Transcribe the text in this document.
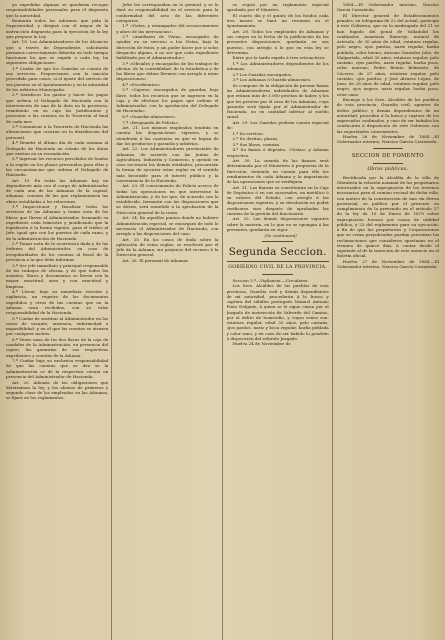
ya expedidas algunas se quedarán recoger responsabilidades personales para el dispuesto que la autoridad.

Reunirán todos los informes que pida la Superioridad, y dirigirá con el mayor de la instrucción dispuesta para la ejecución de la ley que propone la Ley.

Art. 18. Los Administradores de los Alcances que a través de Dependiente, solicitarán permisos correctamente deberán en todo tiempo funcionen los que se expide a cada ley, ha siguientes obligaciones:

1.ª Cuidar de que los Guardas se cuenta de sus servicios. Proporcionen con la sanción procedida para casos, si el ajuste del servicio de sus puestos en el Ayuntamiento y en la autoridad de los Arbitrios Municipales.

2.ª Satisfacer los gastos y hacer los pagos que ordena el Delegado de Hacienda con la intervención de una de la data en la provincia, remitiendo en su caja los justificantes y presentar a las cuentas en la Tesorería al final de cada mes.

3.ª Comunicar a la Tesorería de Hacienda las alteraciones que ocurran en la distribución del personal.

4.ª Remitir el último día de cada semana al Delegado de Hacienda un estado de los datos que existan en su recaudación.

5.ª Ingresar los recursos percibidos de fondos a la región en los plazos prevenidos para ellos y las circunstancias que ordena el Delegado de Hacienda.

Art. 19. En todas las Aduanas hay un dependiente más con el cargo de Administrador de cada una de las Aduanas de la capital, aduanas, cuentas de las que reglamentaria las obras entabladas a los relaciones.

1.ª Inspeccionar y fiscalizar todos los servicios de las Aduanas y tomar nota de los libros que lleven el Administrador, formando su expediente cada trimestre y justificando que la legislación ó la forma vigente, para el tráfico al Jefe, igual que con los puestos de cada ramo, y de la Administración de Hacienda.

2.ª Tomar nota de la ocurrencia dada y de las órdenes del Administrador, en caso de irregularidades de los cuentas al fiscal de la provincia a la que debe informar.

3.ª Ser jefe inmediato y principal responsable de los trabajos de oficina, y de que todos los asientos, libros y documentos se lleven con la mayor exactitud, aseo y con exactitud y limpieza.

4.ª Llevar, bajo su inmediata revisión y vigilancia, un registro de los documentos expedidos y otros de las cuentas que en la Aduana sean recibidas, con su valor responsabilidad de la Hacienda.

5.ª Cuidar de sustituir al Administrador en los casos de vacante, ausencia, enfermedad ó imposibilidad, y en el que las cuentas se atrasen por cualquier motivo.

6.ª Tener unas de las dos llaves de la caja de caudales de la Administración, en presencia del cajero, las garantías de sus respectivos expedientes y cuentas de la Aduana.

7.ª Cuidar bajo su exclusiva responsabilidad de que las cuentas que se den se la Administración se dé la respectiva cuenta en presencia del Administrador de Hacienda.

Art. 20. Además de las obligaciones que determinan la ley, y los abonos de primeros y segundo clase de los empleados en las Aduanas, se fijará en los reglamentos.

Jefes les corresponden en lo general, y se le dará su responsabilidad en el servicio para la conformidad del acto de las diferentes categorías.

1.ª «Vistas, y estampados del reconocimiento y aforo de las mercancías».

2.ª «Auxiliares de Vistas, encargados de ayudar en su servicio a los Vistas, bajo la dirección de éstos, y sin poder hacer por sí solos despacho alguno, á no ser que cada expediente habilitado por el Administrador».

3.ª «Oficiales y encargados de los trabajos de oficina, de la contabilidad, de la estadística y de los libros que deben llevarse con arreglo á estas disposiciones».

4.ª «Escribientes».

5.ª «Cajeros, encargados de guardar, bajo llave, todos los recursos que se ingresen en la caja y de efectuar los pagos que ordene el Administrador, con la aprobación del Delegado de Hacienda».

6.ª «Guardas-almacenes».

7.ª «Resguardo de Policía».

Art. 21. Los mismos empleados tendrán en cuenta las disposiciones vigentes, y se atenderán á los contratos en que se hayan de dar los productos y garantía y arbitrios.

Art. 22. Los Administradores provinciales de Aduanas, de acuerdo con las Juntas de Agricultura, Industria y Comercio, y oyendo en caso necesario las demás entidades, procurarán la forma de ejecutar estas reglas en el sentido más favorable para el interés público y la conveniencia de la Hacienda.

Art. 23. El conocimiento de Policía acerca de todas las operaciones en que interviene la Administración, y de los que, de acuerdo con lo establecido, formarán con las disposiciones que se dicten, será sometido á la aprobación de la Dirección general de la renta.

Art. 24. En aquellos puntos donde no hubiere Administración especial, se encargará de todo lo necesario el Administrador de Hacienda, con arreglo a las disposiciones del caso.

Art. 25. En los casos de duda sobre la aplicación de estas reglas, se resolverá por el Jefe de la Aduana, sin perjuicio del recurso á la Dirección general.

Art. 26. El personal de Aduanas

se regirá por un reglamento especial aprobado por el Ministro.

El cuarto día y el quinto de los fondos cada tres meses se hará un resumen en el Ayuntamiento.

Art. 28. Todos los empleados de Aduanas y sus cargos en la fecha de la publicación de las presentes disposiciones, quedarán en sus puestos, con arreglo á lo que en esta ley se determina.

Entre por la tarde expide á tres retroactivos.

1.ª Los Administradores dependientes de los Aduanas.

2.ª Los Guardas encargados.

3.ª Los Aduanas ó Guarda-almacenes.

Se compone de la obligación de prestar fianza los Administradores individuales de Aduanas que reúnan más de 3.000 pesetas de haber, y los que les presten por el caso de los Aduanas, cuya garantía será fijada por el Administrador de Hacienda, no en cantidad inferior al sueldo anual.

Art. 29. Los Guardas pedirán cuenta especial de:

1.º Su servicio.

2.º Su destino, plazas.

3.º Sus libros, cuentas.

4.º Su fianza ó depósito, «Vistas» y Aduana respectiva.

Art. 30. La cuantía de las fianzas será determinada por el Ministerio á propuesta de la Dirección, teniendo en cuenta para ello los rendimientos de cada Aduana y la importancia de las operaciones que se verifiquen.

Art. 31. Las fianzas se constituirán en la Caja de Depósitos ó en sus sucursales, en metálico ó en valores del Estado, con arreglo á las disposiciones vigentes, y su devolución no podrá verificarse sino después de aprobadas las cuentas de la gestión del funcionario.

Art. 32. Las demás disposiciones vigentes sobre la materia, en lo que no se opongan á las presentes, quedarán en vigor.

(Se continuará)

Segunda Seccion.
GOBIERNO CIVIL DE LA PROVINCIA.

Seccion 3.ª—Vigilancia.—Circulares.

Los Sres. Alcaldes de los pueblos de esta provincia, Guardia civil y demás dependientes de mi autoridad, procederán á la busca y captura del súbdito portugués Manuel Antonio Pinto Delgado, á quien se le sigue causa por el Juzgado de instrucción de Valverde del Camino, por el delito de homicidio, y cuyas señas son: estatura regular, edad 35 años, pelo castaño, ojos pardos, nariz y boca regular, barba poblada y color sano, y en caso de ser habido lo pondrán á disposición del referido Juzgado.

Huelva 24 de Noviembre de

1884.—El Gobernador interino, Narciso García Castañeda.

El Director general de Establecimientos penales, en telegrama de 22 del actual, participa á este Gobierno, que en la madrugada del 21 se han fugado del penal de Valladolid los confinados Anastasio Riancejo, natural de Artesola, de 30 años de edad, estatura regular, pelo negro, ojos pardos, nariz regular, barba poblada, color bueno; Antonio Gonzalez Julio, de Malpartida, edad 30 años, estatura regular, pelo castaño, ojos pardos, nariz regular, barba poca, color moreno; Pedro Benito Belmonte, de Cáceres, de 27 años, estatura regular, pelo castaño, ojos pardos; y José Alvarez López, de Jaen, de 28 años de edad, estatura regular, pelo negro, ojos negros, nariz regular, barba poca, color sano.

Encargo á los Sres. Alcaldes de los pueblos de esta provincia, Guardia civil, agentes de órden público y demás dependientes de mi autoridad, procedan á la busca y captura de los expresados confinados, y caso de ser habidos los conducirán á disposición de este Gobierno con las seguridades convenientes.

Huelva 26 de Noviembre de 1884.—El Gobernador interino, Narciso García Castañeda.

SECCION DE FOMENTO
Obras públicas.

Rectificada por la Alcaldía de la villa de Gibraleón la relación nominal de los propietarios interesados en la expropiación de los terrenos necesarios para el camino vecinal de dicha villa, con motivo de la construcción de una vía férrea provincial, se publica por el presente en cumplimiento de lo prevenido en el artículo 17 de la ley de 10 de Enero de 1879 sobre expropiación forzosa por causa de utilidad pública, y 23 del reglamento para su ejecución, á fin de que los propietarios y Corporaciones que se crean perjudicados puedan presentar las reclamaciones que consideren oportunas en el término de quince días, á contar desde el siguiente al de la inserción de este anuncio en el Boletín oficial.

Huelva 27 de Noviembre de 1884.—El Gobernador interino, Narciso García Castañeda.
